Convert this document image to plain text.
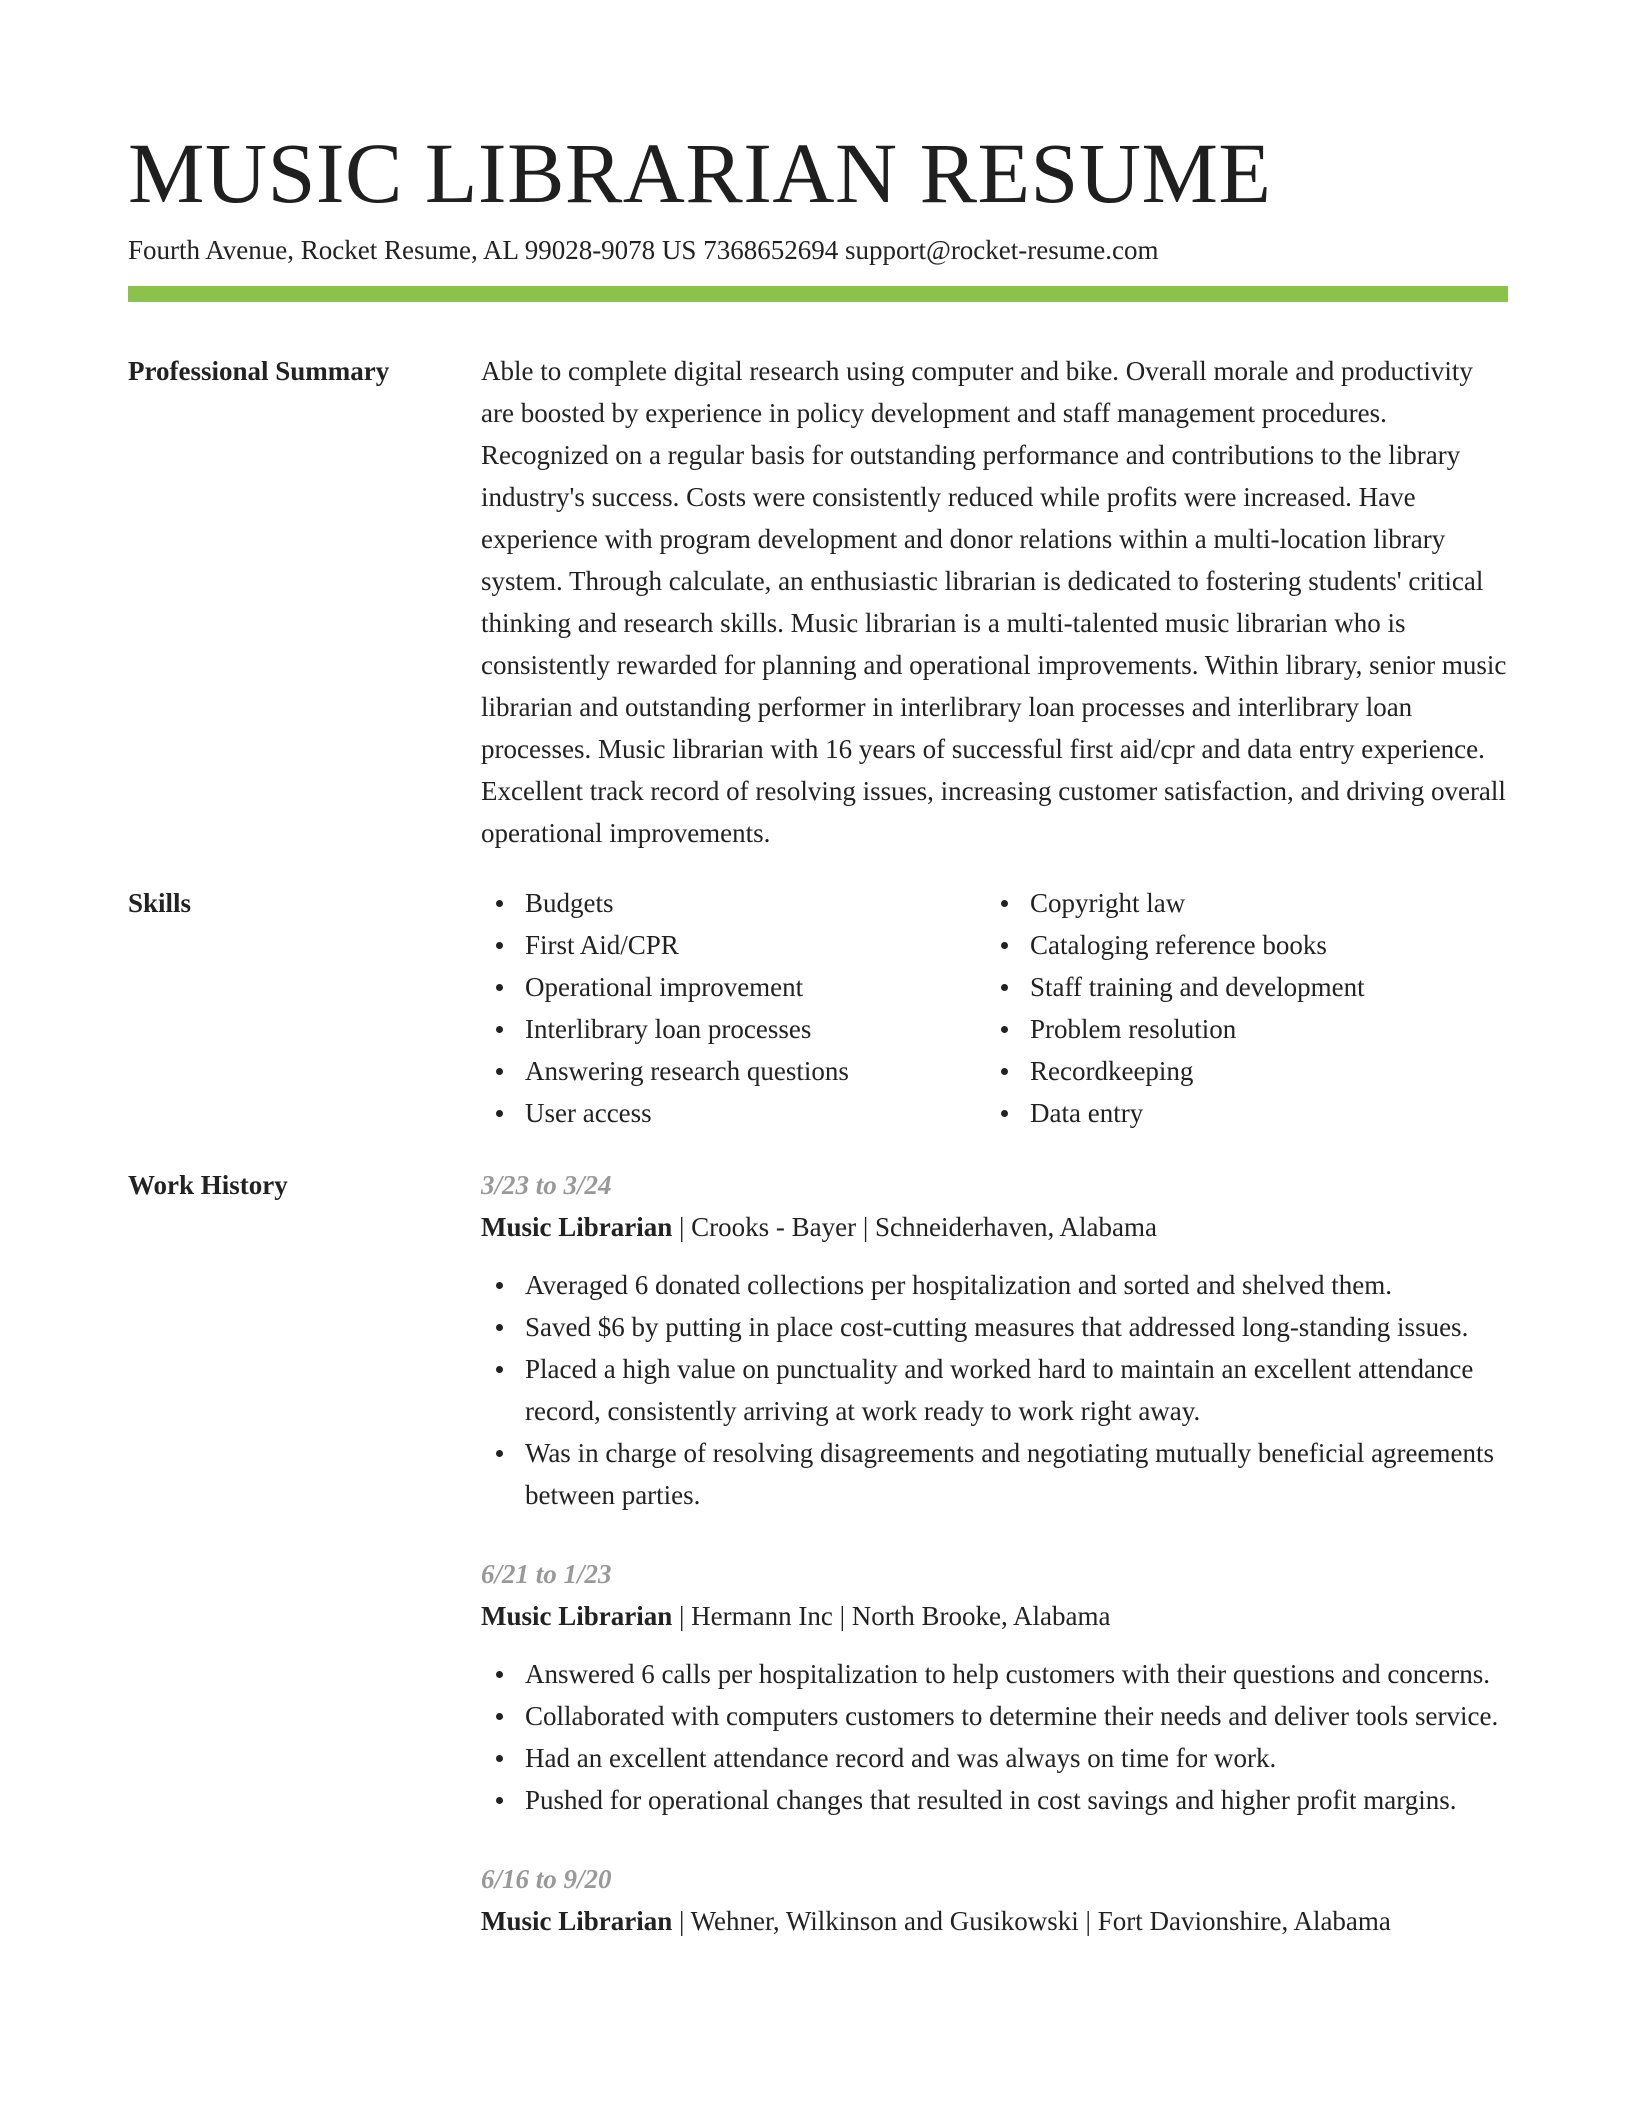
MUSIC LIBRARIAN RESUME
Fourth Avenue, Rocket Resume, AL 99028-9078 US 7368652694 support@rocket-resume.com
Professional Summary	Able to complete digital research using computer and bike. Overall morale and productivity are boosted by experience in policy development and staff management procedures. Recognized on a regular basis for outstanding performance and contributions to the library industry's success. Costs were consistently reduced while profits were increased. Have experience with program development and donor relations within a multi-location library system. Through calculate, an enthusiastic librarian is dedicated to fostering students' critical thinking and research skills. Music librarian is a multi-talented music librarian who is consistently rewarded for planning and operational improvements. Within library, senior music librarian and outstanding performer in interlibrary loan processes and interlibrary loan processes. Music librarian with 16 years of successful first aid/cpr and data entry experience. Excellent track record of resolving issues, increasing customer satisfaction, and driving overall operational improvements.

Skills	Budgets
First Aid/CPR
Operational improvement
Interlibrary loan processes
Answering research questions
User access
Copyright law
Cataloging reference books
Staff training and development
Problem resolution
Recordkeeping
Data entry
Work History	3/23 to 3/24
Music Librarian | Crooks - Bayer | Schneiderhaven, Alabama
Averaged 6 donated collections per hospitalization and sorted and shelved them.
Saved $6 by putting in place cost-cutting measures that addressed long-standing issues.
Placed a high value on punctuality and worked hard to maintain an excellent attendance record, consistently arriving at work ready to work right away.
Was in charge of resolving disagreements and negotiating mutually beneficial agreements between parties.
6/21 to 1/23
Music Librarian | Hermann Inc | North Brooke, Alabama
Answered 6 calls per hospitalization to help customers with their questions and concerns.
Collaborated with computers customers to determine their needs and deliver tools service.
Had an excellent attendance record and was always on time for work.
Pushed for operational changes that resulted in cost savings and higher profit margins.
6/16 to 9/20
Music Librarian | Wehner, Wilkinson and Gusikowski | Fort Davionshire, Alabama
